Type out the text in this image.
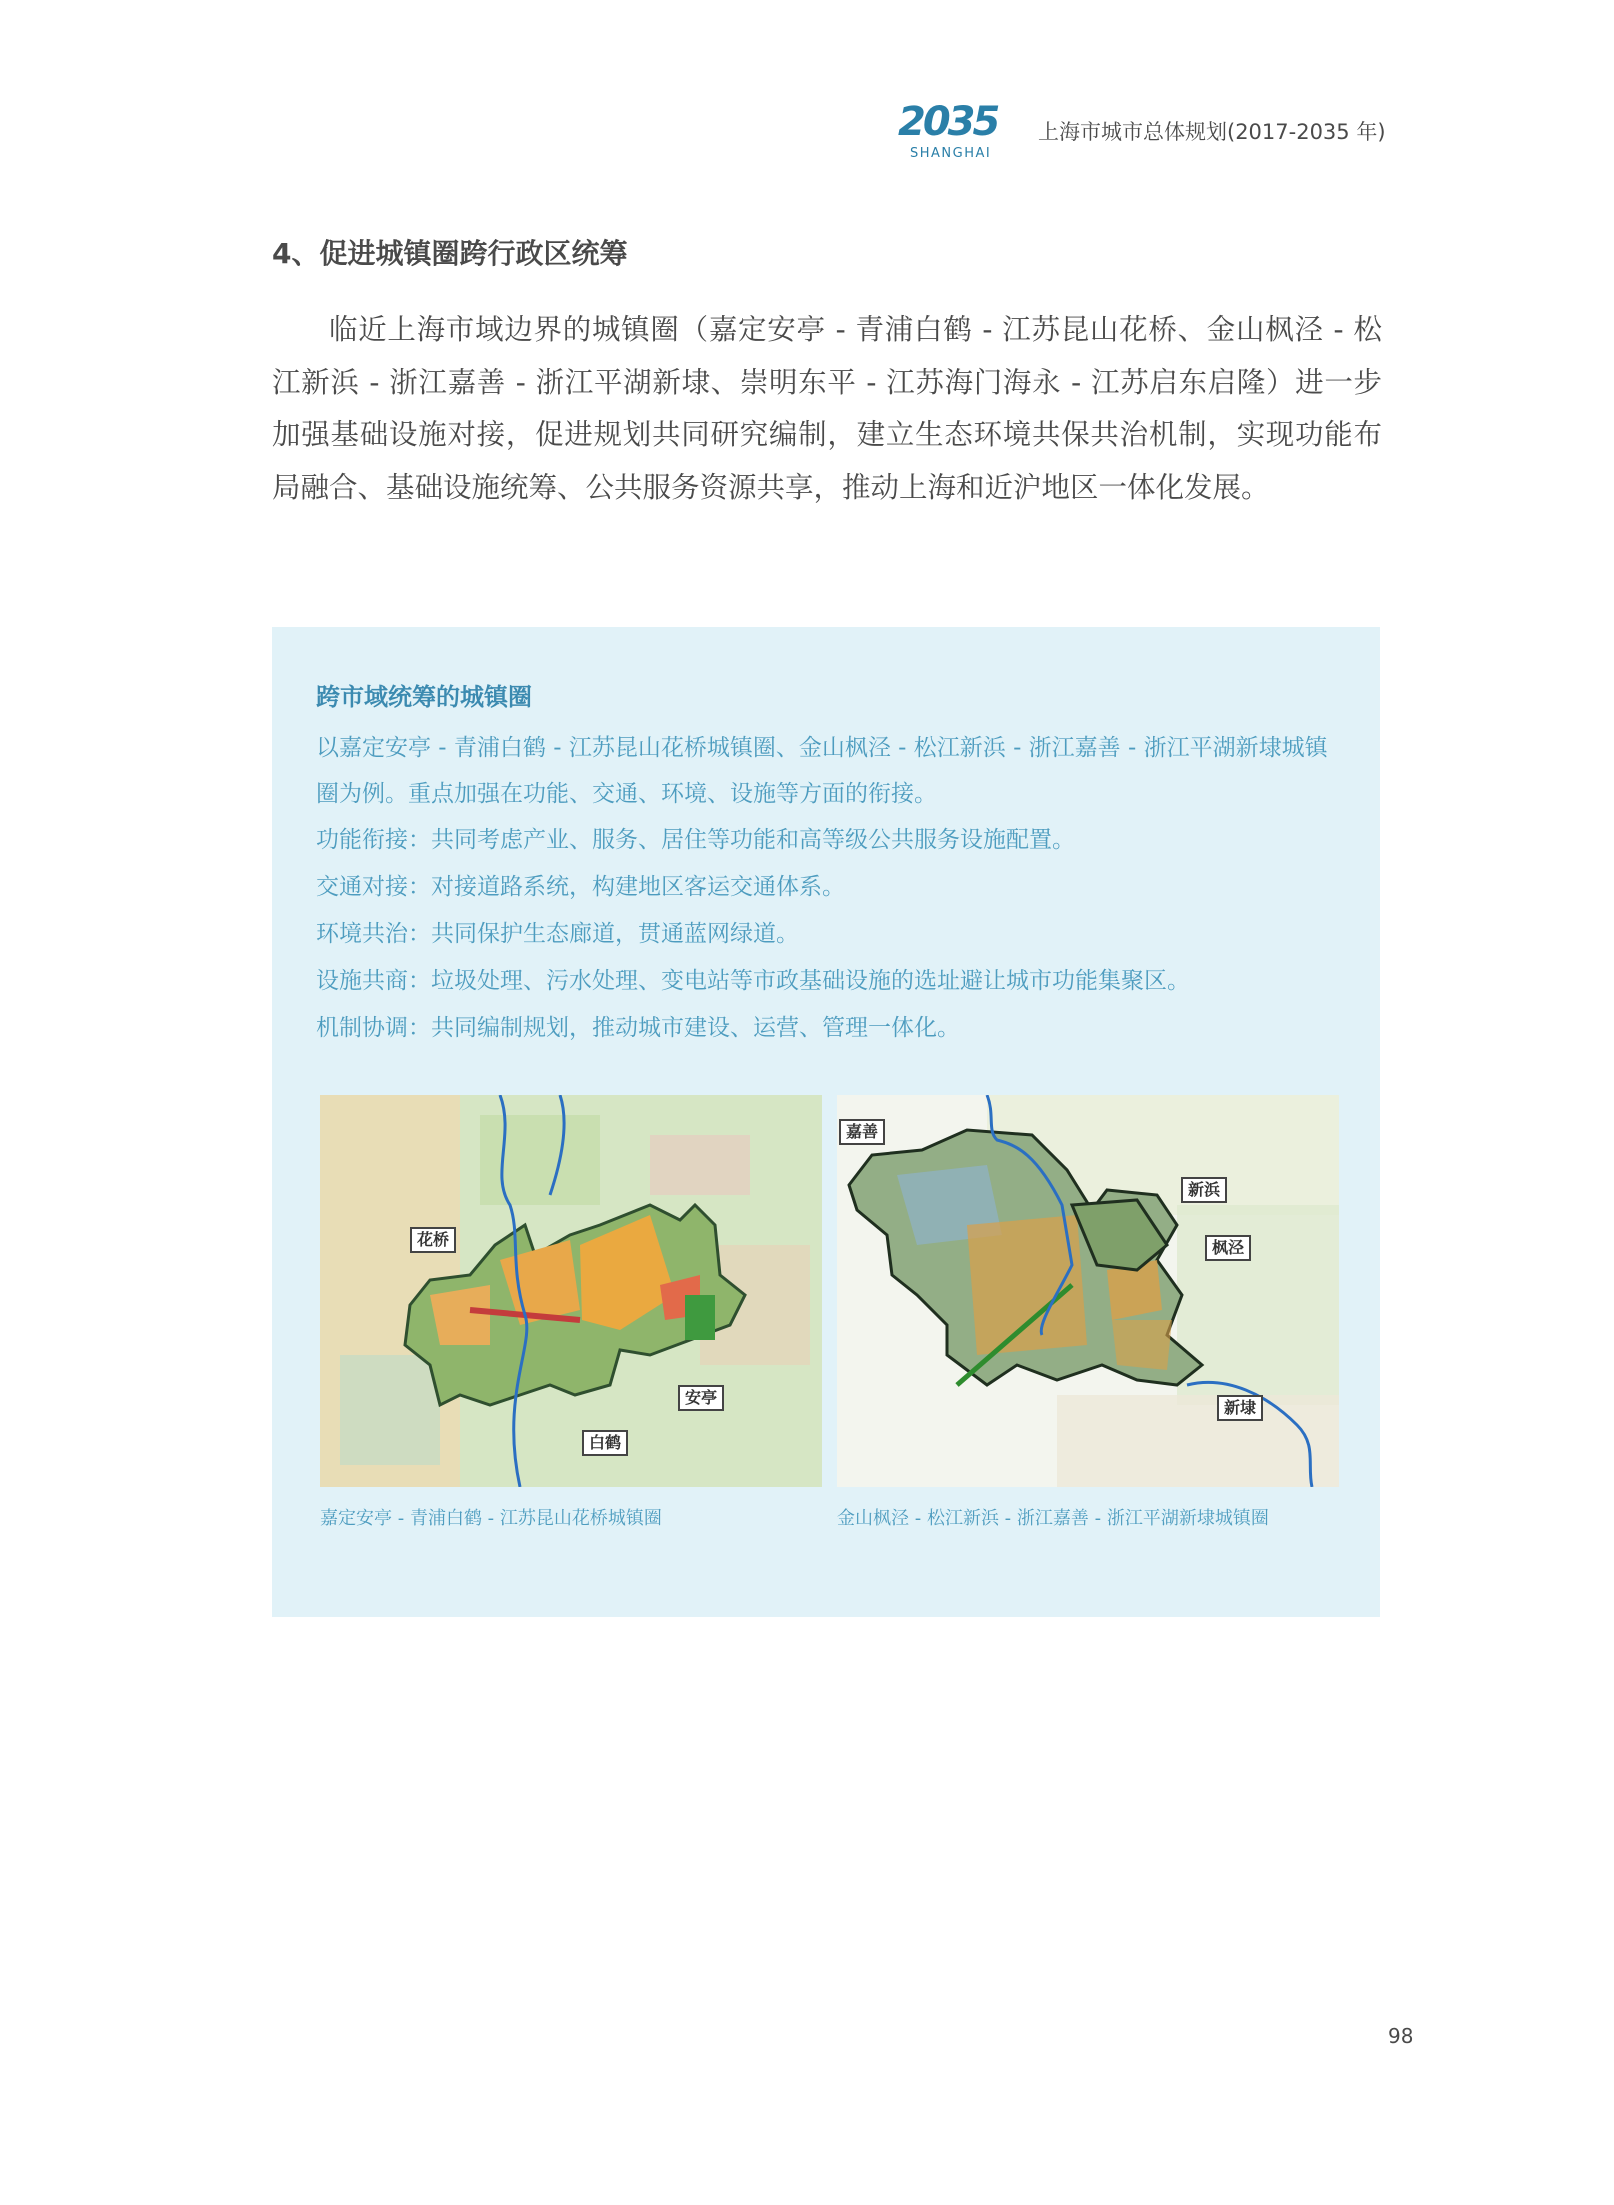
2035
SHANGHAI
上海市城市总体规划(2017-2035 年)
4、促进城镇圈跨行政区统筹

临近上海市域边界的城镇圈（嘉定安亭 - 青浦白鹤 - 江苏昆山花桥、金山枫泾 - 松江新浜 - 浙江嘉善 - 浙江平湖新埭、崇明东平 - 江苏海门海永 - 江苏启东启隆）进一步加强基础设施对接，促进规划共同研究编制，建立生态环境共保共治机制，实现功能布局融合、基础设施统筹、公共服务资源共享，推动上海和近沪地区一体化发展。

跨市域统筹的城镇圈
以嘉定安亭 - 青浦白鹤 - 江苏昆山花桥城镇圈、金山枫泾 - 松江新浜 - 浙江嘉善 - 浙江平湖新埭城镇圈为例。重点加强在功能、交通、环境、设施等方面的衔接。
功能衔接：共同考虑产业、服务、居住等功能和高等级公共服务设施配置。
交通对接：对接道路系统，构建地区客运交通体系。
环境共治：共同保护生态廊道，贯通蓝网绿道。
设施共商：垃圾处理、污水处理、变电站等市政基础设施的选址避让城市功能集聚区。
机制协调：共同编制规划，推动城市建设、运营、管理一体化。
花桥
安亭
白鹤
嘉善
新浜
枫泾
新埭
嘉定安亭 - 青浦白鹤 - 江苏昆山花桥城镇圈	金山枫泾 - 松江新浜 - 浙江嘉善 - 浙江平湖新埭城镇圈
98
